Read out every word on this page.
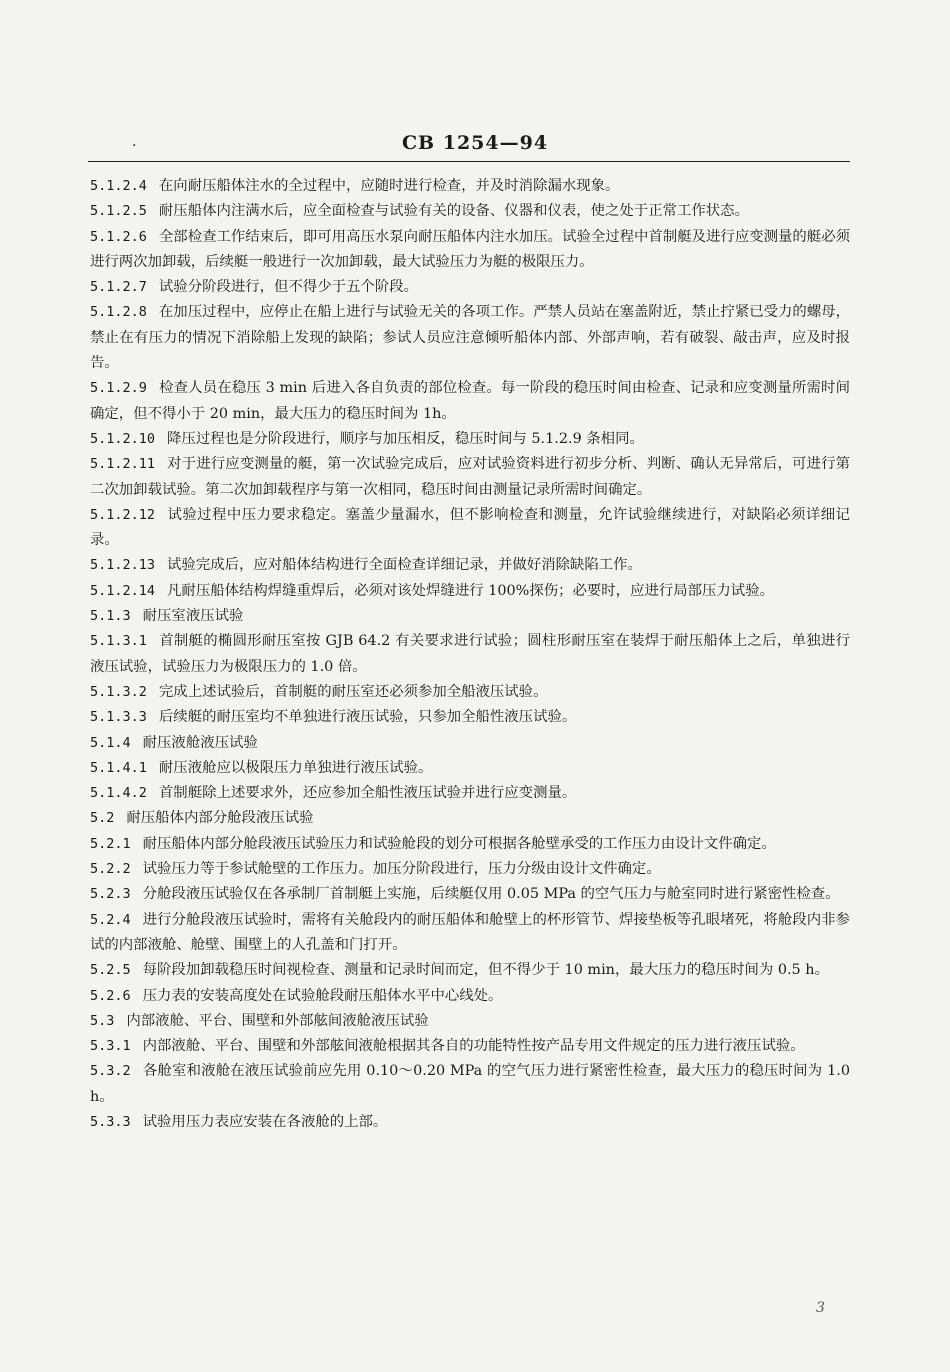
.	CB 1254—94

5.1.2.4 在向耐压船体注水的全过程中，应随时进行检查，并及时消除漏水现象。

5.1.2.5 耐压船体内注满水后，应全面检查与试验有关的设备、仪器和仪表，使之处于正常工作状态。

5.1.2.6 全部检查工作结束后，即可用高压水泵向耐压船体内注水加压。试验全过程中首制艇及进行应变测量的艇必须进行两次加卸载，后续艇一般进行一次加卸载，最大试验压力为艇的极限压力。

5.1.2.7 试验分阶段进行，但不得少于五个阶段。

5.1.2.8 在加压过程中，应停止在船上进行与试验无关的各项工作。严禁人员站在塞盖附近，禁止拧紧已受力的螺母，禁止在有压力的情况下消除船上发现的缺陷；参试人员应注意倾听船体内部、外部声响，若有破裂、敲击声，应及时报告。

5.1.2.9 检查人员在稳压 3 min 后进入各自负责的部位检查。每一阶段的稳压时间由检查、记录和应变测量所需时间确定，但不得小于 20 min，最大压力的稳压时间为 1h。

5.1.2.10 降压过程也是分阶段进行，顺序与加压相反，稳压时间与 5.1.2.9 条相同。

5.1.2.11 对于进行应变测量的艇，第一次试验完成后，应对试验资料进行初步分析、判断、确认无异常后，可进行第二次加卸载试验。第二次加卸载程序与第一次相同，稳压时间由测量记录所需时间确定。

5.1.2.12 试验过程中压力要求稳定。塞盖少量漏水，但不影响检查和测量，允许试验继续进行，对缺陷必须详细记录。

5.1.2.13 试验完成后，应对船体结构进行全面检查详细记录，并做好消除缺陷工作。

5.1.2.14 凡耐压船体结构焊缝重焊后，必须对该处焊缝进行 100%探伤；必要时，应进行局部压力试验。

5.1.3 耐压室液压试验

5.1.3.1 首制艇的椭圆形耐压室按 GJB 64.2 有关要求进行试验；圆柱形耐压室在装焊于耐压船体上之后，单独进行液压试验，试验压力为极限压力的 1.0 倍。

5.1.3.2 完成上述试验后，首制艇的耐压室还必须参加全船液压试验。

5.1.3.3 后续艇的耐压室均不单独进行液压试验，只参加全船性液压试验。

5.1.4 耐压液舱液压试验

5.1.4.1 耐压液舱应以极限压力单独进行液压试验。

5.1.4.2 首制艇除上述要求外，还应参加全船性液压试验并进行应变测量。

5.2 耐压船体内部分舱段液压试验

5.2.1 耐压船体内部分舱段液压试验压力和试验舱段的划分可根据各舱壁承受的工作压力由设计文件确定。

5.2.2 试验压力等于参试舱壁的工作压力。加压分阶段进行，压力分级由设计文件确定。

5.2.3 分舱段液压试验仅在各承制厂首制艇上实施，后续艇仅用 0.05 MPa 的空气压力与舱室同时进行紧密性检查。

5.2.4 进行分舱段液压试验时，需将有关舱段内的耐压船体和舱壁上的杯形管节、焊接垫板等孔眼堵死，将舱段内非参试的内部液舱、舱壁、围壁上的人孔盖和门打开。

5.2.5 每阶段加卸载稳压时间视检查、测量和记录时间而定，但不得少于 10 min，最大压力的稳压时间为 0.5 h。

5.2.6 压力表的安装高度处在试验舱段耐压船体水平中心线处。

5.3 内部液舱、平台、围壁和外部舷间液舱液压试验

5.3.1 内部液舱、平台、围壁和外部舷间液舱根据其各自的功能特性按产品专用文件规定的压力进行液压试验。

5.3.2 各舱室和液舱在液压试验前应先用 0.10～0.20 MPa 的空气压力进行紧密性检查，最大压力的稳压时间为 1.0 h。

5.3.3 试验用压力表应安装在各液舱的上部。

3
